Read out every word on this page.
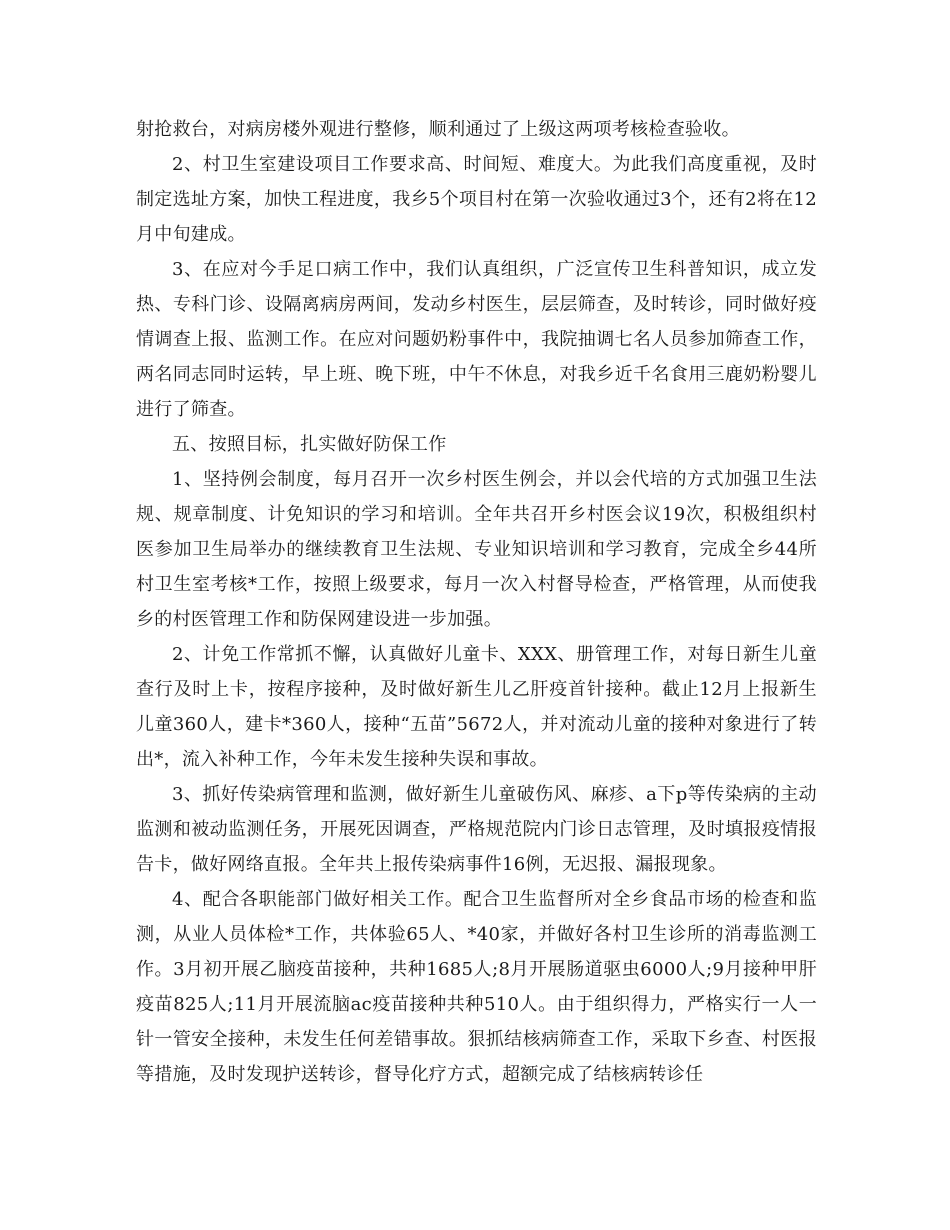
射抢救台，对病房楼外观进行整修，顺利通过了上级这两项考核检查验收。

2、村卫生室建设项目工作要求高、时间短、难度大。为此我们高度重视，及时制定选址方案，加快工程进度，我乡5个项目村在第一次验收通过3个，还有2将在12月中旬建成。

3、在应对今手足口病工作中，我们认真组织，广泛宣传卫生科普知识，成立发热、专科门诊、设隔离病房两间，发动乡村医生，层层筛查，及时转诊，同时做好疫情调查上报、监测工作。在应对问题奶粉事件中，我院抽调七名人员参加筛查工作，两名同志同时运转，早上班、晚下班，中午不休息，对我乡近千名食用三鹿奶粉婴儿进行了筛查。

五、按照目标，扎实做好防保工作

1、坚持例会制度，每月召开一次乡村医生例会，并以会代培的方式加强卫生法规、规章制度、计免知识的学习和培训。全年共召开乡村医会议19次，积极组织村医参加卫生局举办的继续教育卫生法规、专业知识培训和学习教育，完成全乡44所村卫生室考核*工作，按照上级要求，每月一次入村督导检查，严格管理，从而使我乡的村医管理工作和防保网建设进一步加强。

2、计免工作常抓不懈，认真做好儿童卡、XXX、册管理工作，对每日新生儿童查行及时上卡，按程序接种，及时做好新生儿乙肝疫首针接种。截止12月上报新生儿童360人，建卡*360人，接种“五苗”5672人，并对流动儿童的接种对象进行了转出*，流入补种工作，今年未发生接种失误和事故。

3、抓好传染病管理和监测，做好新生儿童破伤风、麻疹、a下p等传染病的主动监测和被动监测任务，开展死因调查，严格规范院内门诊日志管理，及时填报疫情报告卡，做好网络直报。全年共上报传染病事件16例，无迟报、漏报现象。

4、配合各职能部门做好相关工作。配合卫生监督所对全乡食品市场的检查和监测，从业人员体检*工作，共体验65人、*40家，并做好各村卫生诊所的消毒监测工作。3月初开展乙脑疫苗接种，共种1685人;8月开展肠道驱虫6000人;9月接种甲肝疫苗825人;11月开展流脑ac疫苗接种共种510人。由于组织得力，严格实行一人一针一管安全接种，未发生任何差错事故。狠抓结核病筛查工作，采取下乡查、村医报等措施，及时发现护送转诊，督导化疗方式，超额完成了结核病转诊任
